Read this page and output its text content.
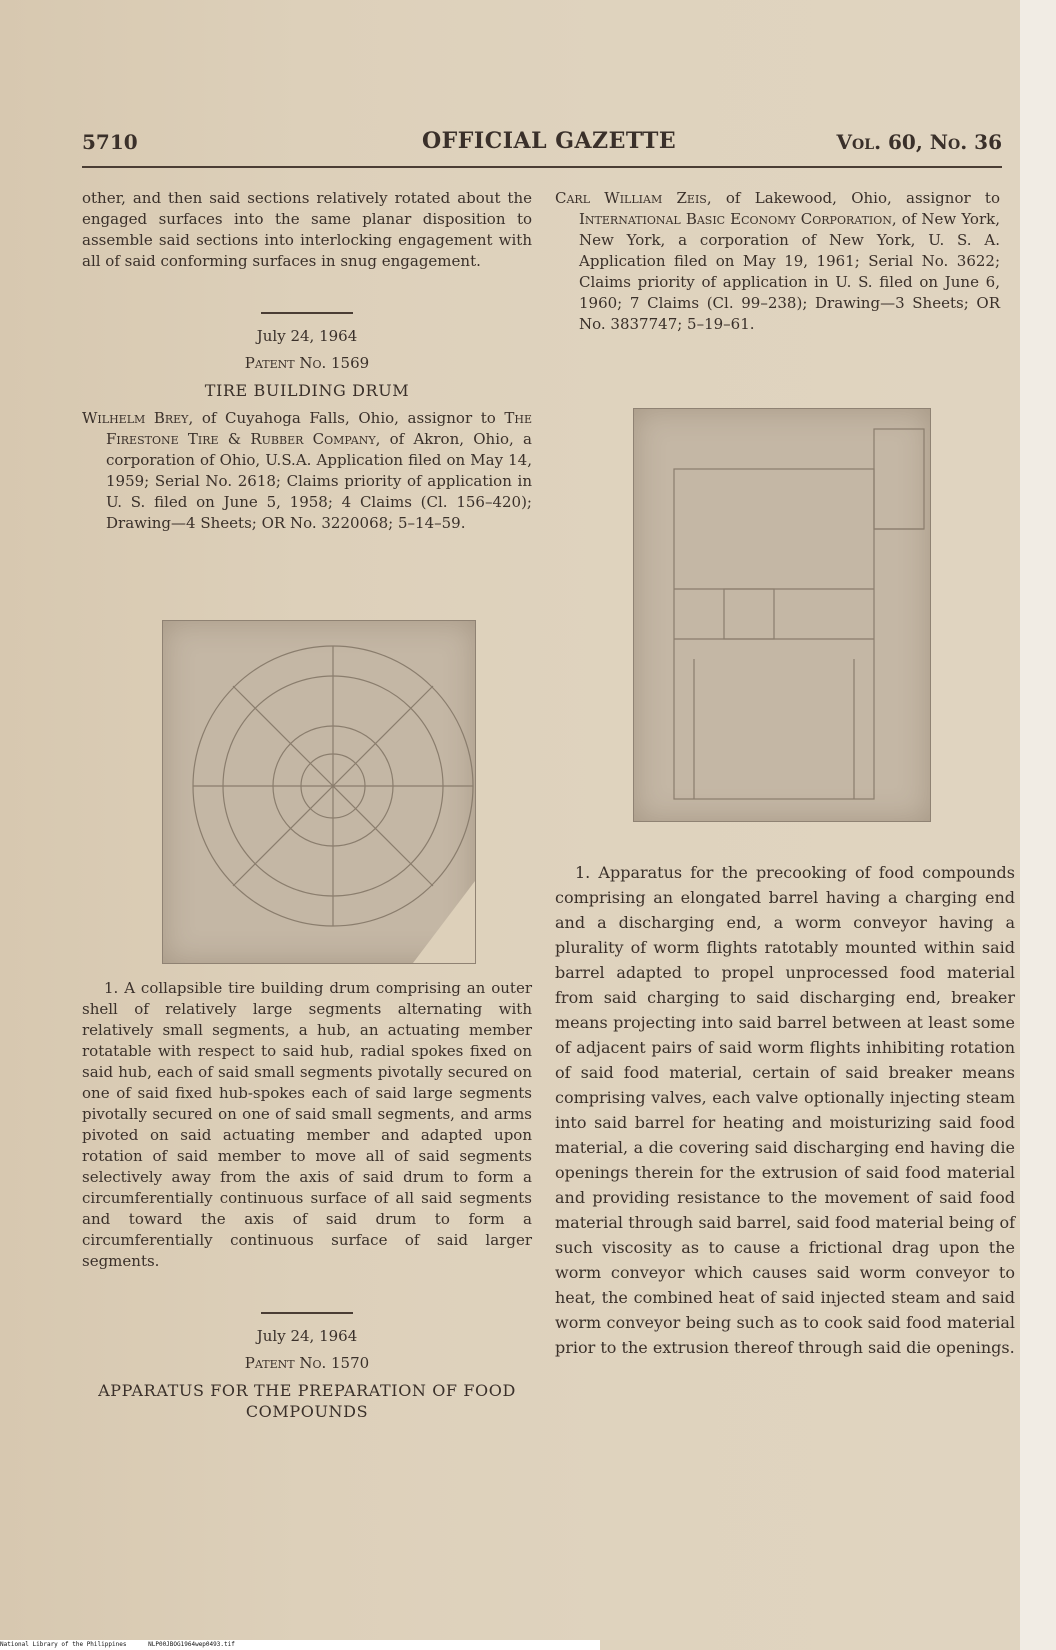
5710	OFFICIAL GAZETTE	Vol. 60, No. 36

other, and then said sections relatively rotated about the engaged surfaces into the same planar disposition to assemble said sections into interlocking engagement with all of said conforming surfaces in snug engagement.

July 24, 1964

Patent No. 1569

TIRE BUILDING DRUM

Wilhelm Brey, of Cuyahoga Falls, Ohio, assignor to The Firestone Tire & Rubber Company, of Akron, Ohio, a corporation of Ohio, U.S.A. Application filed on May 14, 1959; Serial No. 2618; Claims priority of application in U. S. filed on June 5, 1958; 4 Claims (Cl. 156–420); Drawing—4 Sheets; OR No. 3220068; 5–14–59.

1. A collapsible tire building drum comprising an outer shell of relatively large segments alternating with relatively small segments, a hub, an actuating member rotatable with respect to said hub, radial spokes fixed on said hub, each of said small segments pivotally secured on one of said fixed hub-spokes each of said large segments pivotally secured on one of said small segments, and arms pivoted on said actuating member and adapted upon rotation of said member to move all of said segments selectively away from the axis of said drum to form a circumferentially continuous surface of all said segments and toward the axis of said drum to form a circumferentially continuous surface of said larger segments.

July 24, 1964

Patent No. 1570

APPARATUS FOR THE PREPARATION OF FOOD COMPOUNDS

Carl William Zeis, of Lakewood, Ohio, assignor to International Basic Economy Corporation, of New York, New York, a corporation of New York, U. S. A. Application filed on May 19, 1961; Serial No. 3622; Claims priority of application in U. S. filed on June 6, 1960; 7 Claims (Cl. 99–238); Drawing—3 Sheets; OR No. 3837747; 5–19–61.

1. Apparatus for the precooking of food compounds comprising an elongated barrel having a charging end and a discharging end, a worm conveyor having a plurality of worm flights ratotably mounted within said barrel adapted to propel unprocessed food material from said charging to said discharging end, breaker means projecting into said barrel between at least some of adjacent pairs of said worm flights inhibiting rotation of said food material, certain of said breaker means comprising valves, each valve optionally injecting steam into said barrel for heating and moisturizing said food material, a die covering said discharging end having die openings therein for the extrusion of said food material and providing resistance to the movement of said food material through said barrel, said food material being of such viscosity as to cause a frictional drag upon the worm conveyor which causes said worm conveyor to heat, the combined heat of said injected steam and said worm conveyor being such as to cook said food material prior to the extrusion thereof through said die openings.

National Library of the Philippines	NLP00JBOG1964wep0493.tif
